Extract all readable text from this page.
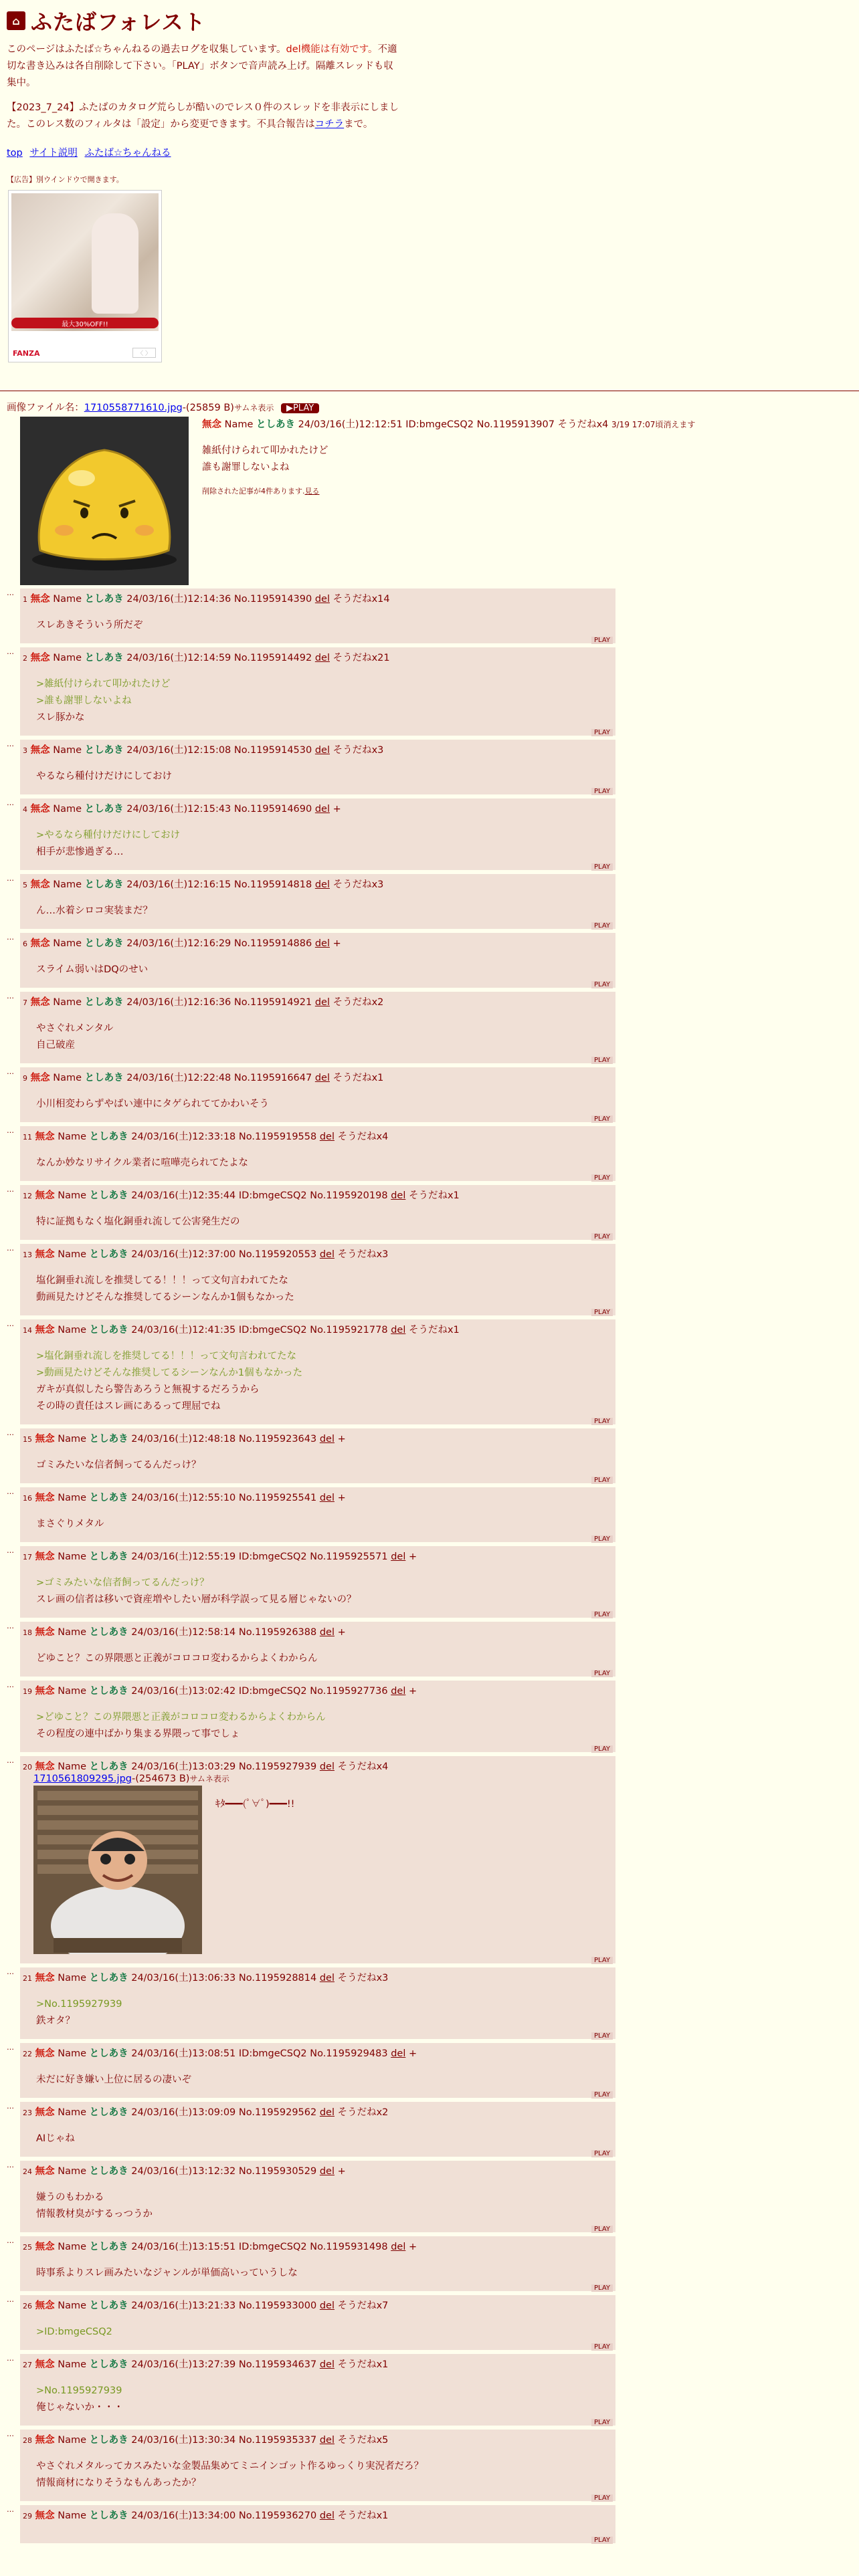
⌂ ふたばフォレスト
このページはふたば☆ちゃんねるの過去ログを収集しています。del機能は有効です。不適切な書き込みは各自削除して下さい。「PLAY」ボタンで音声読み上げ。隔離スレッドも収集中。
【2023_7_24】ふたばのカタログ荒らしが酷いのでレス０件のスレッドを非表示にしました。このレス数のフィルタは「設定」から変更できます。不具合報告はコチラまで。
top サイト説明 ふたば☆ちゃんねる
【広告】別ウインドウで開きます。
最大30%OFF!!
FANZA	〈 〉
画像ファイル名：1710558771610.jpg-(25859 B)サムネ表示 ▶PLAY
無念 Name としあき 24/03/16(土)12:12:51 ID:bmgeCSQ2 No.1195913907 そうだねx4 3/19 17:07頃消えます
雑紙付けられて叩かれたけど
誰も謝罪しないよね
削除された記事が4件あります.見る
…
1 無念 Name としあき 24/03/16(土)12:14:36 No.1195914390 del そうだねx14
スレあきそういう所だぞ
PLAY
…
2 無念 Name としあき 24/03/16(土)12:14:59 No.1195914492 del そうだねx21
>雑紙付けられて叩かれたけど
>誰も謝罪しないよね
スレ豚かな
PLAY
…
3 無念 Name としあき 24/03/16(土)12:15:08 No.1195914530 del そうだねx3
やるなら種付けだけにしておけ
PLAY
…
4 無念 Name としあき 24/03/16(土)12:15:43 No.1195914690 del +
>やるなら種付けだけにしておけ
相手が悲惨過ぎる…
PLAY
…
5 無念 Name としあき 24/03/16(土)12:16:15 No.1195914818 del そうだねx3
ん…水着シロコ実装まだ？
PLAY
…
6 無念 Name としあき 24/03/16(土)12:16:29 No.1195914886 del +
スライム弱いはDQのせい
PLAY
…
7 無念 Name としあき 24/03/16(土)12:16:36 No.1195914921 del そうだねx2
やさぐれメンタル
自己破産
PLAY
…
9 無念 Name としあき 24/03/16(土)12:22:48 No.1195916647 del そうだねx1
小川相変わらずやばい連中にタゲられててかわいそう
PLAY
…
11 無念 Name としあき 24/03/16(土)12:33:18 No.1195919558 del そうだねx4
なんか妙なリサイクル業者に喧嘩売られてたよな
PLAY
…
12 無念 Name としあき 24/03/16(土)12:35:44 ID:bmgeCSQ2 No.1195920198 del そうだねx1
特に証拠もなく塩化銅垂れ流して公害発生だの
PLAY
…
13 無念 Name としあき 24/03/16(土)12:37:00 No.1195920553 del そうだねx3
塩化銅垂れ流しを推奨してる！！！って文句言われてたな
動画見たけどそんな推奨してるシーンなんか1個もなかった
PLAY
…
14 無念 Name としあき 24/03/16(土)12:41:35 ID:bmgeCSQ2 No.1195921778 del そうだねx1
>塩化銅垂れ流しを推奨してる！！！って文句言われてたな
>動画見たけどそんな推奨してるシーンなんか1個もなかった
ガキが真似したら警告あろうと無視するだろうから
その時の責任はスレ画にあるって理屈でね
PLAY
…
15 無念 Name としあき 24/03/16(土)12:48:18 No.1195923643 del +
ゴミみたいな信者飼ってるんだっけ？
PLAY
…
16 無念 Name としあき 24/03/16(土)12:55:10 No.1195925541 del +
まさぐりメタル
PLAY
…
17 無念 Name としあき 24/03/16(土)12:55:19 ID:bmgeCSQ2 No.1195925571 del +
>ゴミみたいな信者飼ってるんだっけ？
スレ画の信者は移いで資産増やしたい層が科学誤って見る層じゃないの？
PLAY
…
18 無念 Name としあき 24/03/16(土)12:58:14 No.1195926388 del +
どゆこと？この界隈悪と正義がコロコロ変わるからよくわからん
PLAY
…
19 無念 Name としあき 24/03/16(土)13:02:42 ID:bmgeCSQ2 No.1195927736 del +
>どゆこと？この界隈悪と正義がコロコロ変わるからよくわからん
その程度の連中ばかり集まる界隈って事でしょ
PLAY
…
20 無念 Name としあき 24/03/16(土)13:03:29 No.1195927939 del そうだねx4
1710561809295.jpg-(254673 B)サムネ表示
ｷﾀ━━━(ﾟ∀ﾟ)━━━!!
PLAY
…
21 無念 Name としあき 24/03/16(土)13:06:33 No.1195928814 del そうだねx3
>No.1195927939
鉄オタ？
PLAY
…
22 無念 Name としあき 24/03/16(土)13:08:51 ID:bmgeCSQ2 No.1195929483 del +
未だに好き嫌い上位に居るの凄いぞ
PLAY
…
23 無念 Name としあき 24/03/16(土)13:09:09 No.1195929562 del そうだねx2
AIじゃね
PLAY
…
24 無念 Name としあき 24/03/16(土)13:12:32 No.1195930529 del +
嫌うのもわかる
情報教材臭がするっつうか
PLAY
…
25 無念 Name としあき 24/03/16(土)13:15:51 ID:bmgeCSQ2 No.1195931498 del +
時事系よりスレ画みたいなジャンルが単価高いっていうしな
PLAY
…
26 無念 Name としあき 24/03/16(土)13:21:33 No.1195933000 del そうだねx7
>ID:bmgeCSQ2
PLAY
…
27 無念 Name としあき 24/03/16(土)13:27:39 No.1195934637 del そうだねx1
>No.1195927939
俺じゃないか・・・
PLAY
…
28 無念 Name としあき 24/03/16(土)13:30:34 No.1195935337 del そうだねx5
やさぐれメタルってカスみたいな金製品集めてミニインゴット作るゆっくり実況者だろ？
情報商材になりそうなもんあったか？
PLAY
…
29 無念 Name としあき 24/03/16(土)13:34:00 No.1195936270 del そうだねx1
PLAY
